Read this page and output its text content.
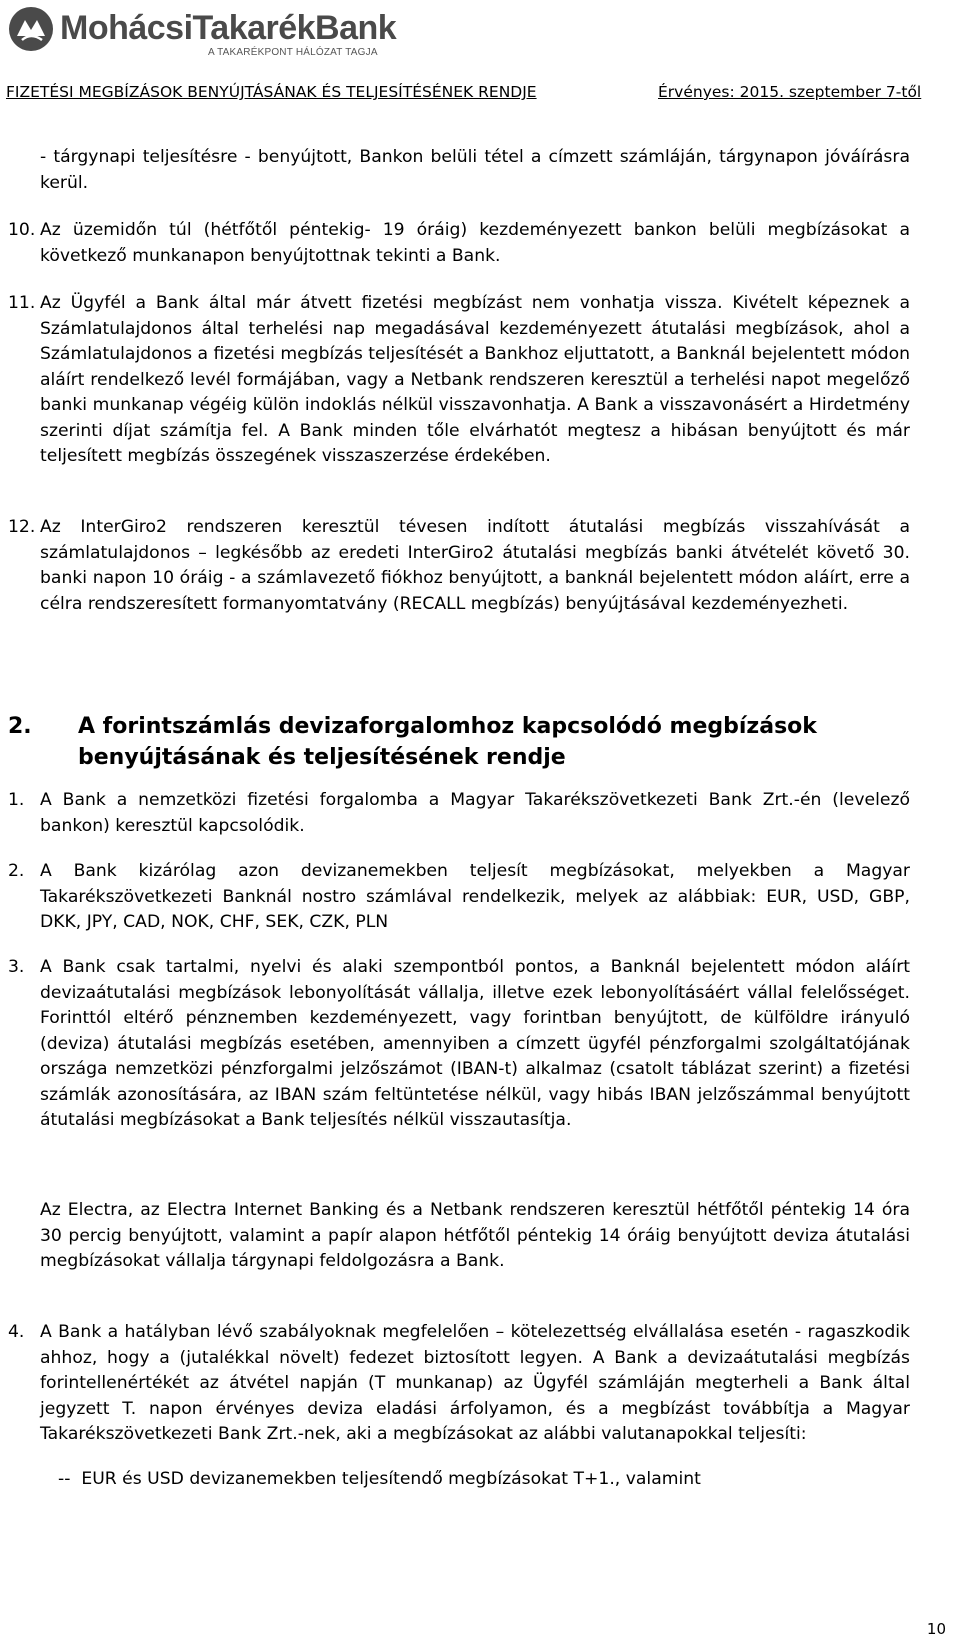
MohácsiTakarékBank
A TAKARÉKPONT HÁLÓZAT TAGJA
FIZETÉSI MEGBÍZÁSOK BENYÚJTÁSÁNAK ÉS TELJESÍTÉSÉNEK RENDJE	Érvényes: 2015. szeptember 7-től
- tárgynapi teljesítésre - benyújtott, Bankon belüli tétel a címzett számláján, tárgynapon jóváírásra kerül.
10. Az üzemidőn túl (hétfőtől péntekig- 19 óráig) kezdeményezett bankon belüli megbízásokat a következő munkanapon benyújtottnak tekinti a Bank.
11. Az Ügyfél a Bank által már átvett fizetési megbízást nem vonhatja vissza. Kivételt képeznek a Számlatulajdonos által terhelési nap megadásával kezdeményezett átutalási megbízások, ahol a Számlatulajdonos a fizetési megbízás teljesítését a Bankhoz eljuttatott, a Banknál bejelentett módon aláírt rendelkező levél formájában, vagy a Netbank rendszeren keresztül a terhelési napot megelőző banki munkanap végéig külön indoklás nélkül visszavonhatja. A Bank a visszavonásért a Hirdetmény szerinti díjat számítja fel. A Bank minden tőle elvárhatót megtesz a hibásan benyújtott és már teljesített megbízás összegének visszaszerzése érdekében.
12. Az InterGiro2 rendszeren keresztül tévesen indított átutalási megbízás visszahívását a számlatulajdonos – legkésőbb az eredeti InterGiro2 átutalási megbízás banki átvételét követő 30. banki napon 10 óráig - a számlavezető fiókhoz benyújtott, a banknál bejelentett módon aláírt, erre a célra rendszeresített formanyomtatvány (RECALL megbízás) benyújtásával kezdeményezheti.
2. A forintszámlás devizaforgalomhoz kapcsolódó megbízások benyújtásának és teljesítésének rendje
1. A Bank a nemzetközi fizetési forgalomba a Magyar Takarékszövetkezeti Bank Zrt.-én (levelező bankon) keresztül kapcsolódik.
2. A Bank kizárólag azon devizanemekben teljesít megbízásokat, melyekben a Magyar Takarékszövetkezeti Banknál nostro számlával rendelkezik, melyek az alábbiak: EUR, USD, GBP, DKK, JPY, CAD, NOK, CHF, SEK, CZK, PLN
3. A Bank csak tartalmi, nyelvi és alaki szempontból pontos, a Banknál bejelentett módon aláírt devizaátutalási megbízások lebonyolítását vállalja, illetve ezek lebonyolításáért vállal felelősséget. Forinttól eltérő pénznemben kezdeményezett, vagy forintban benyújtott, de külföldre irányuló (deviza) átutalási megbízás esetében, amennyiben a címzett ügyfél pénzforgalmi szolgáltatójának országa nemzetközi pénzforgalmi jelzőszámot (IBAN-t) alkalmaz (csatolt táblázat szerint) a fizetési számlák azonosítására, az IBAN szám feltüntetése nélkül, vagy hibás IBAN jelzőszámmal benyújtott átutalási megbízásokat a Bank teljesítés nélkül visszautasítja.
Az Electra, az Electra Internet Banking és a Netbank rendszeren keresztül hétfőtől péntekig 14 óra 30 percig benyújtott, valamint a papír alapon hétfőtől péntekig 14 óráig benyújtott deviza átutalási megbízásokat vállalja tárgynapi feldolgozásra a Bank.
4. A Bank a hatályban lévő szabályoknak megfelelően – kötelezettség elvállalása esetén - ragaszkodik ahhoz, hogy a (jutalékkal növelt) fedezet biztosított legyen. A Bank a devizaátutalási megbízás forintellenértékét az átvétel napján (T munkanap) az Ügyfél számláján megterheli a Bank által jegyzett T. napon érvényes deviza eladási árfolyamon, és a megbízást továbbítja a Magyar Takarékszövetkezeti Bank Zrt.-nek, aki a megbízásokat az alábbi valutanapokkal teljesíti:
--  EUR és USD devizanemekben teljesítendő megbízásokat T+1., valamint
10
